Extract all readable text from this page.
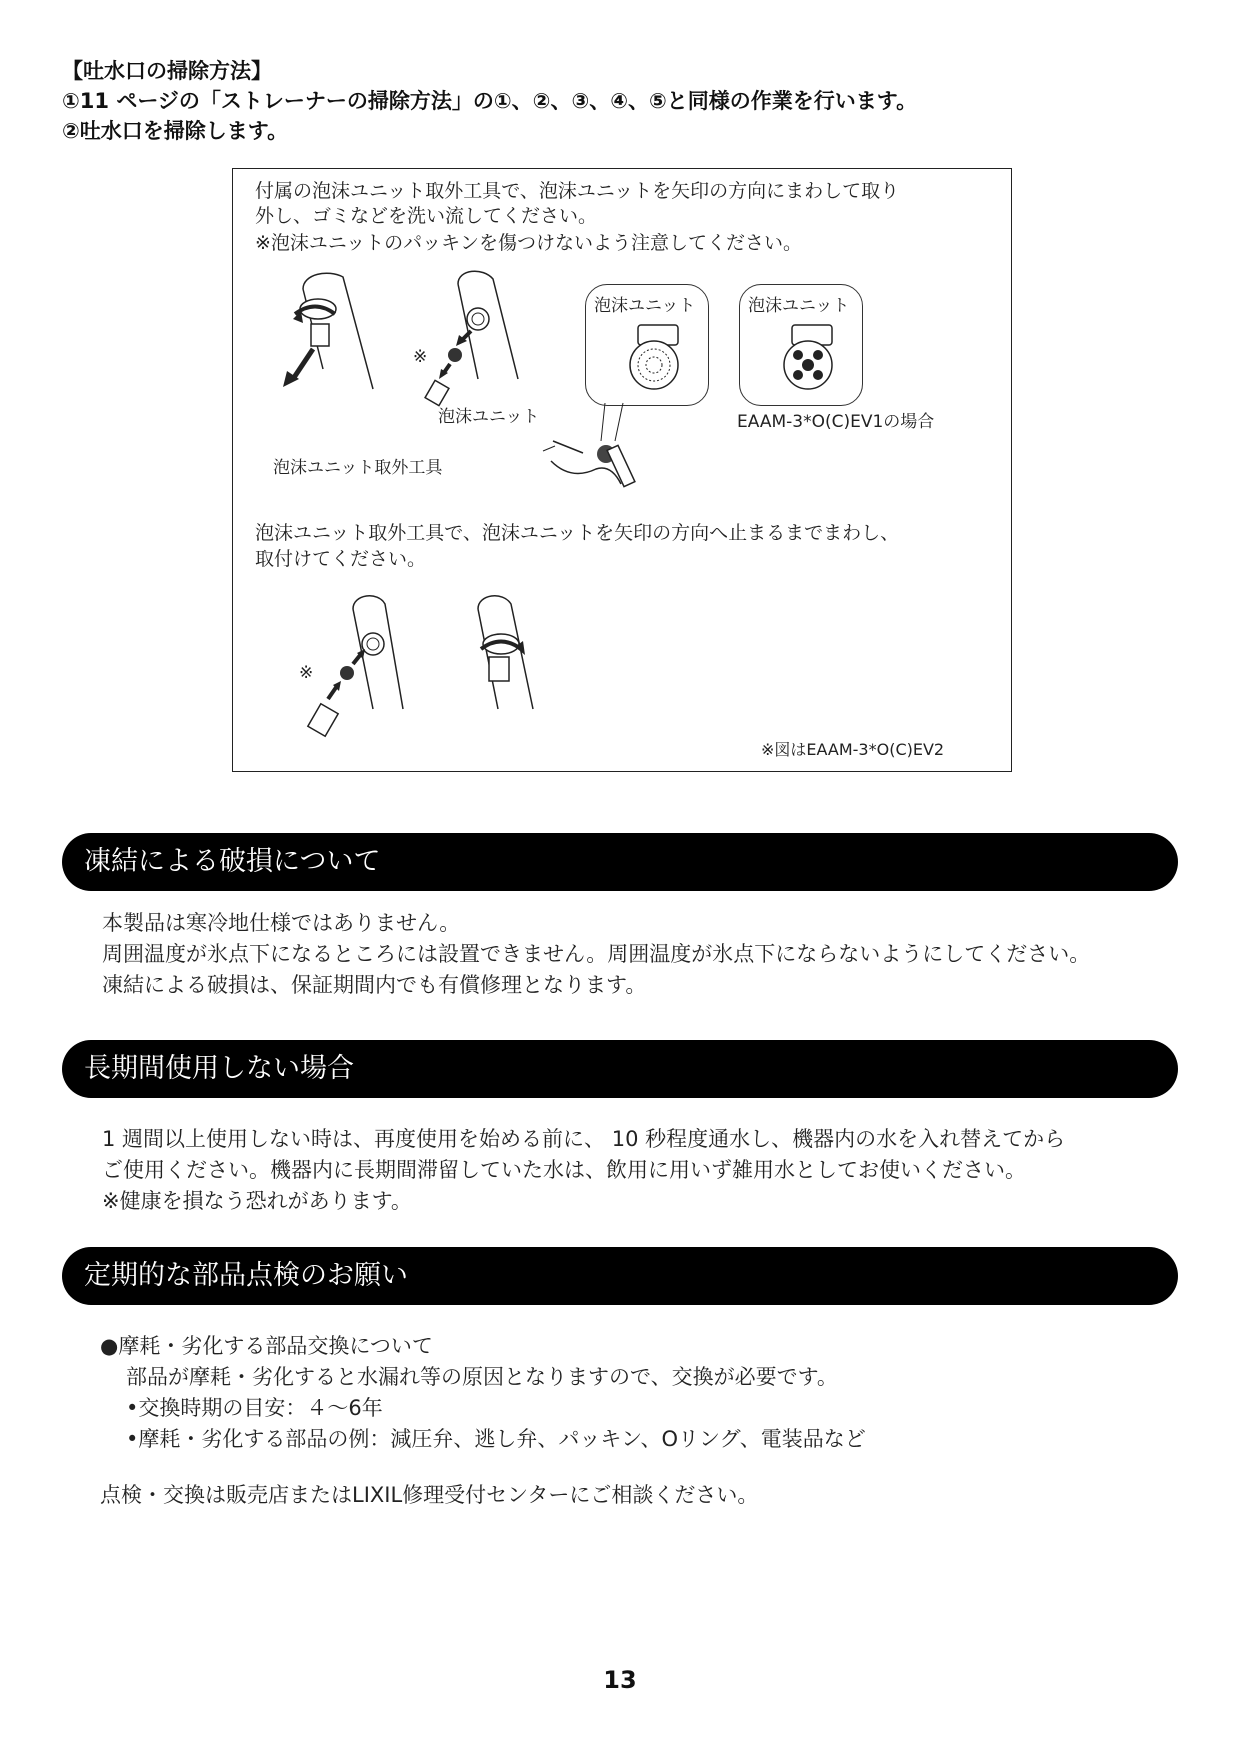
【吐水口の掃除方法】
①11 ページの「ストレーナーの掃除方法」の①、②、③、④、⑤と同様の作業を行います。
②吐水口を掃除します。
付属の泡沫ユニット取外工具で、泡沫ユニットを矢印の方向にまわして取り
外し、ゴミなどを洗い流してください。
※泡沫ユニットのパッキンを傷つけないよう注意してください。
※
泡沫ユニット
泡沫ユニット取外工具
泡沫ユニット	泡沫ユニット
EAAM-3*O(C)EV1の場合
泡沫ユニット取外工具で、泡沫ユニットを矢印の方向へ止まるまでまわし、
取付けてください。
※
※図はEAAM-3*O(C)EV2
凍結による破損について
本製品は寒冷地仕様ではありません。
周囲温度が氷点下になるところには設置できません。周囲温度が氷点下にならないようにしてください。
凍結による破損は、保証期間内でも有償修理となります。
長期間使用しない場合
1 週間以上使用しない時は、再度使用を始める前に、 10 秒程度通水し、機器内の水を入れ替えてから
ご使用ください。機器内に長期間滞留していた水は、飲用に用いず雑用水としてお使いください。
※健康を損なう恐れがあります。
定期的な部品点検のお願い
●摩耗・劣化する部品交換について
部品が摩耗・劣化すると水漏れ等の原因となりますので、交換が必要です。
•交換時期の目安：４～6年
•摩耗・劣化する部品の例：減圧弁、逃し弁、パッキン、Oリング、電装品など
点検・交換は販売店またはLIXIL修理受付センターにご相談ください。
13
